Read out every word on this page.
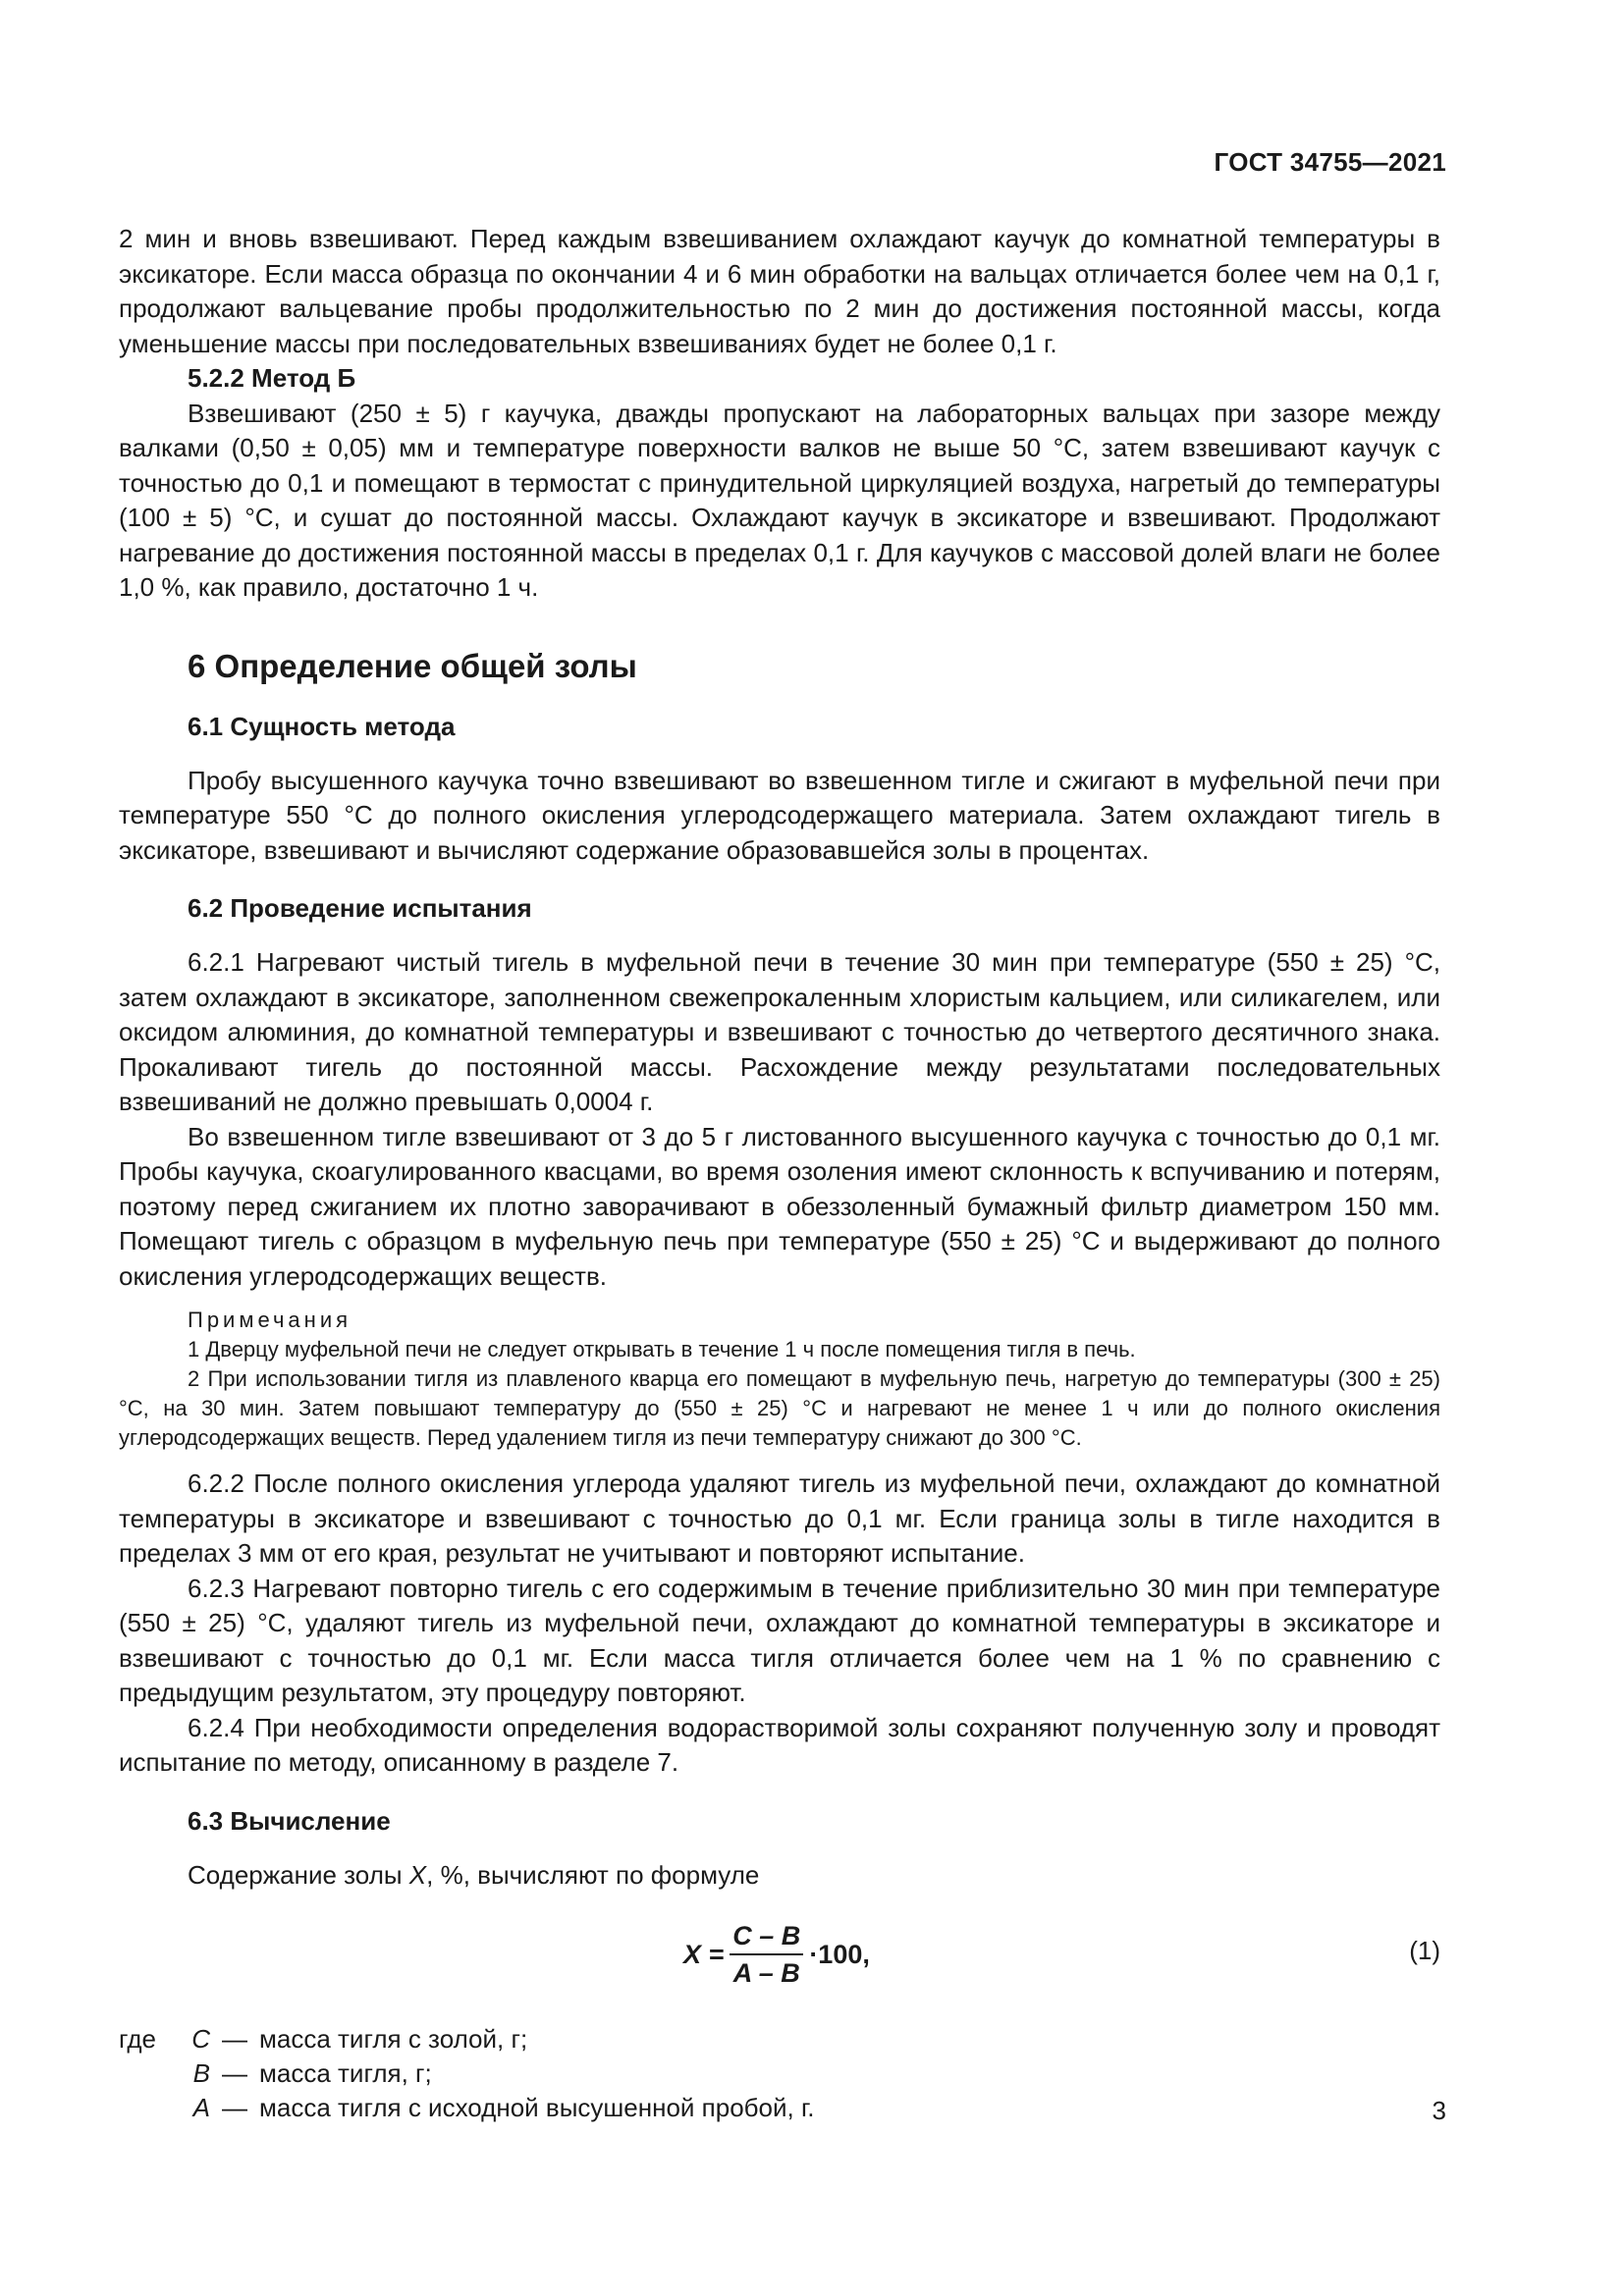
ГОСТ 34755—2021

2 мин и вновь взвешивают. Перед каждым взвешиванием охлаждают каучук до комнатной температуры в эксикаторе. Если масса образца по окончании 4 и 6 мин обработки на вальцах отличается более чем на 0,1 г, продолжают вальцевание пробы продолжительностью по 2 мин до достижения постоянной массы, когда уменьшение массы при последовательных взвешиваниях будет не более 0,1 г.

5.2.2 Метод Б

Взвешивают (250 ± 5) г каучука, дважды пропускают на лабораторных вальцах при зазоре между валками (0,50 ± 0,05) мм и температуре поверхности валков не выше 50 °С, затем взвешивают каучук с точностью до 0,1 и помещают в термостат с принудительной циркуляцией воздуха, нагретый до температуры (100 ± 5) °С, и сушат до постоянной массы. Охлаждают каучук в эксикаторе и взвешивают. Продолжают нагревание до достижения постоянной массы в пределах 0,1 г. Для каучуков с массовой долей влаги не более 1,0 %, как правило, достаточно 1 ч.

6 Определение общей золы
6.1 Сущность метода

Пробу высушенного каучука точно взвешивают во взвешенном тигле и сжигают в муфельной печи при температуре 550 °С до полного окисления углеродсодержащего материала. Затем охлаждают тигель в эксикаторе, взвешивают и вычисляют содержание образовавшейся золы в процентах.

6.2 Проведение испытания

6.2.1 Нагревают чистый тигель в муфельной печи в течение 30 мин при температуре (550 ± 25) °С, затем охлаждают в эксикаторе, заполненном свежепрокаленным хлористым кальцием, или силикагелем, или оксидом алюминия, до комнатной температуры и взвешивают с точностью до четвертого десятичного знака. Прокаливают тигель до постоянной массы. Расхождение между результатами последовательных взвешиваний не должно превышать 0,0004 г.

Во взвешенном тигле взвешивают от 3 до 5 г листованного высушенного каучука с точностью до 0,1 мг. Пробы каучука, скоагулированного квасцами, во время озоления имеют склонность к вспучиванию и потерям, поэтому перед сжиганием их плотно заворачивают в обеззоленный бумажный фильтр диаметром 150 мм. Помещают тигель с образцом в муфельную печь при температуре (550 ± 25) °С и выдерживают до полного окисления углеродсодержащих веществ.

Примечания

1 Дверцу муфельной печи не следует открывать в течение 1 ч после помещения тигля в печь.

2 При использовании тигля из плавленого кварца его помещают в муфельную печь, нагретую до температуры (300 ± 25) °С, на 30 мин. Затем повышают температуру до (550 ± 25) °С и нагревают не менее 1 ч или до полного окисления углеродсодержащих веществ. Перед удалением тигля из печи температуру снижают до 300 °С.

6.2.2 После полного окисления углерода удаляют тигель из муфельной печи, охлаждают до комнатной температуры в эксикаторе и взвешивают с точностью до 0,1 мг. Если граница золы в тигле находится в пределах 3 мм от его края, результат не учитывают и повторяют испытание.

6.2.3 Нагревают повторно тигель с его содержимым в течение приблизительно 30 мин при температуре (550 ± 25) °С, удаляют тигель из муфельной печи, охлаждают до комнатной температуры в эксикаторе и взвешивают с точностью до 0,1 мг. Если масса тигля отличается более чем на 1 % по сравнению с предыдущим результатом, эту процедуру повторяют.

6.2.4 При необходимости определения водорастворимой золы сохраняют полученную золу и проводят испытание по методу, описанному в разделе 7.

6.3 Вычисление

Содержание золы X, %, вычисляют по формуле

$X = \frac{C - B}{A - B} \cdot 100$,	(1)
где	C — масса тигля с золой, г;
B — масса тигля, г;
A — масса тигля с исходной высушенной пробой, г.	3
